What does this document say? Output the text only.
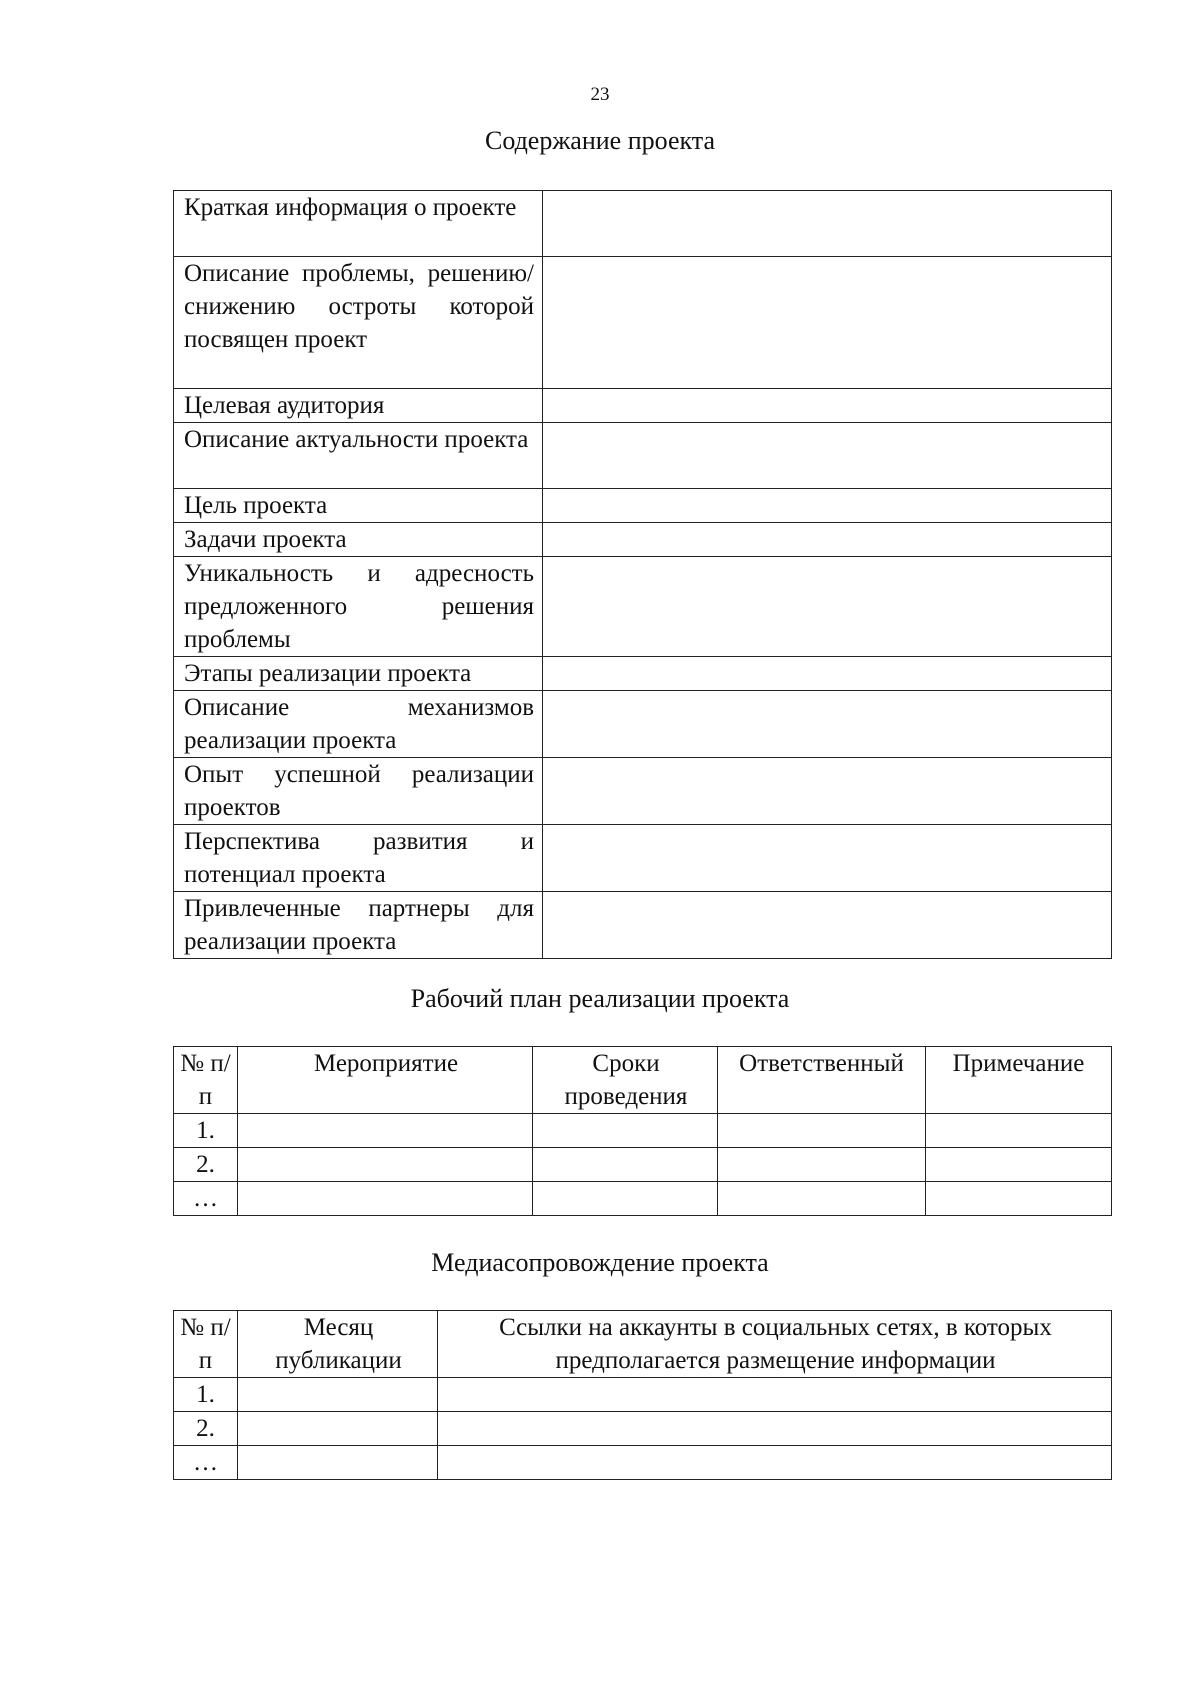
23
Содержание проекта
Краткая информация о проекте	
Описание проблемы, решению/снижению остроты которой посвящен проект	
Целевая аудитория	
Описание актуальности проекта	
Цель проекта	
Задачи проекта	
Уникальность и адресность предложенного решения проблемы	
Этапы реализации проекта	
Описание механизмов реализации проекта	
Опыт успешной реализации проектов	
Перспектива развития и потенциал проекта	
Привлеченные партнеры для реализации проекта	
Рабочий план реализации проекта
№ п/п	Мероприятие	Сроки проведения	Ответственный	Примечание
1.				
2.				
…				
Медиасопровождение проекта
№ п/п	Месяц публикации	Ссылки на аккаунты в социальных сетях, в которых предполагается размещение информации
1.		
2.		
…		
